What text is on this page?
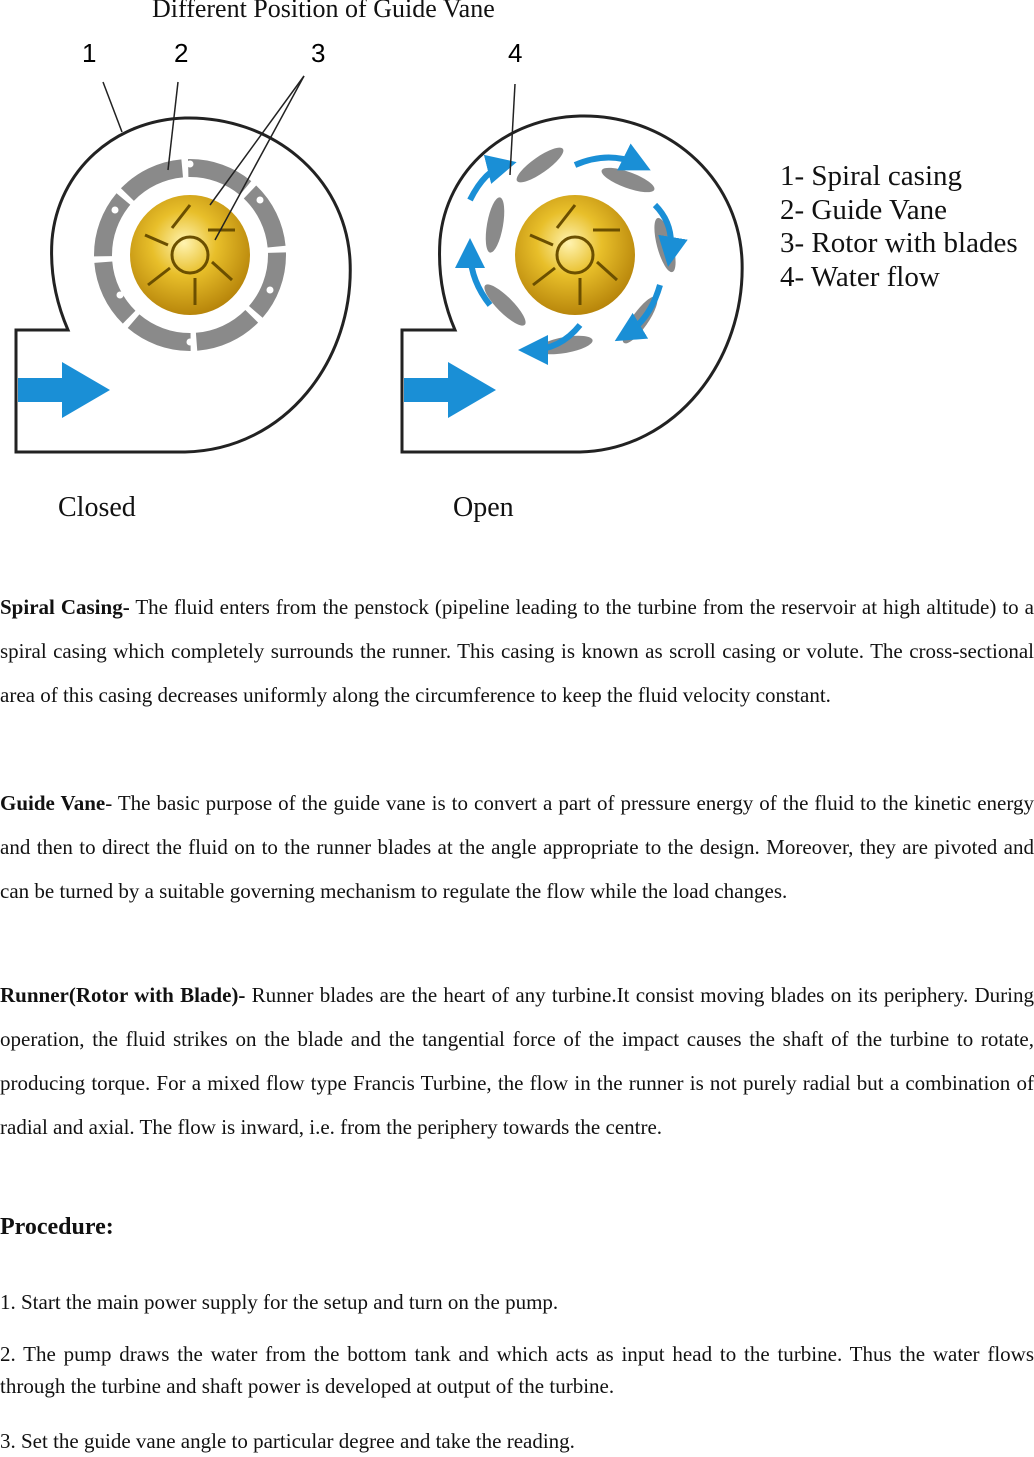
Different Position of Guide Vane
1	2	3	4
Closed	Open
1- Spiral casing
2- Guide Vane
3- Rotor with blades
4- Water flow

Spiral Casing- The fluid enters from the penstock (pipeline leading to the turbine from the reservoir at high altitude) to a spiral casing which completely surrounds the runner. This casing is known as scroll casing or volute. The cross-sectional area of this casing decreases uniformly along the circumference to keep the fluid velocity constant.

Guide Vane- The basic purpose of the guide vane is to convert a part of pressure energy of the fluid to the kinetic energy and then to direct the fluid on to the runner blades at the angle appropriate to the design. Moreover, they are pivoted and can be turned by a suitable governing mechanism to regulate the flow while the load changes.

Runner(Rotor with Blade)- Runner blades are the heart of any turbine.It consist moving blades on its periphery. During operation, the fluid strikes on the blade and the tangential force of the impact causes the shaft of the turbine to rotate, producing torque. For a mixed flow type Francis Turbine, the flow in the runner is not purely radial but a combination of radial and axial. The flow is inward, i.e. from the periphery towards the centre.

Procedure:
1. Start the main power supply for the setup and turn on the pump.
2. The pump draws the water from the bottom tank and which acts as input head to the turbine. Thus the water flows through the turbine and shaft power is developed at output of the turbine.
3. Set the guide vane angle to particular degree and take the reading.
